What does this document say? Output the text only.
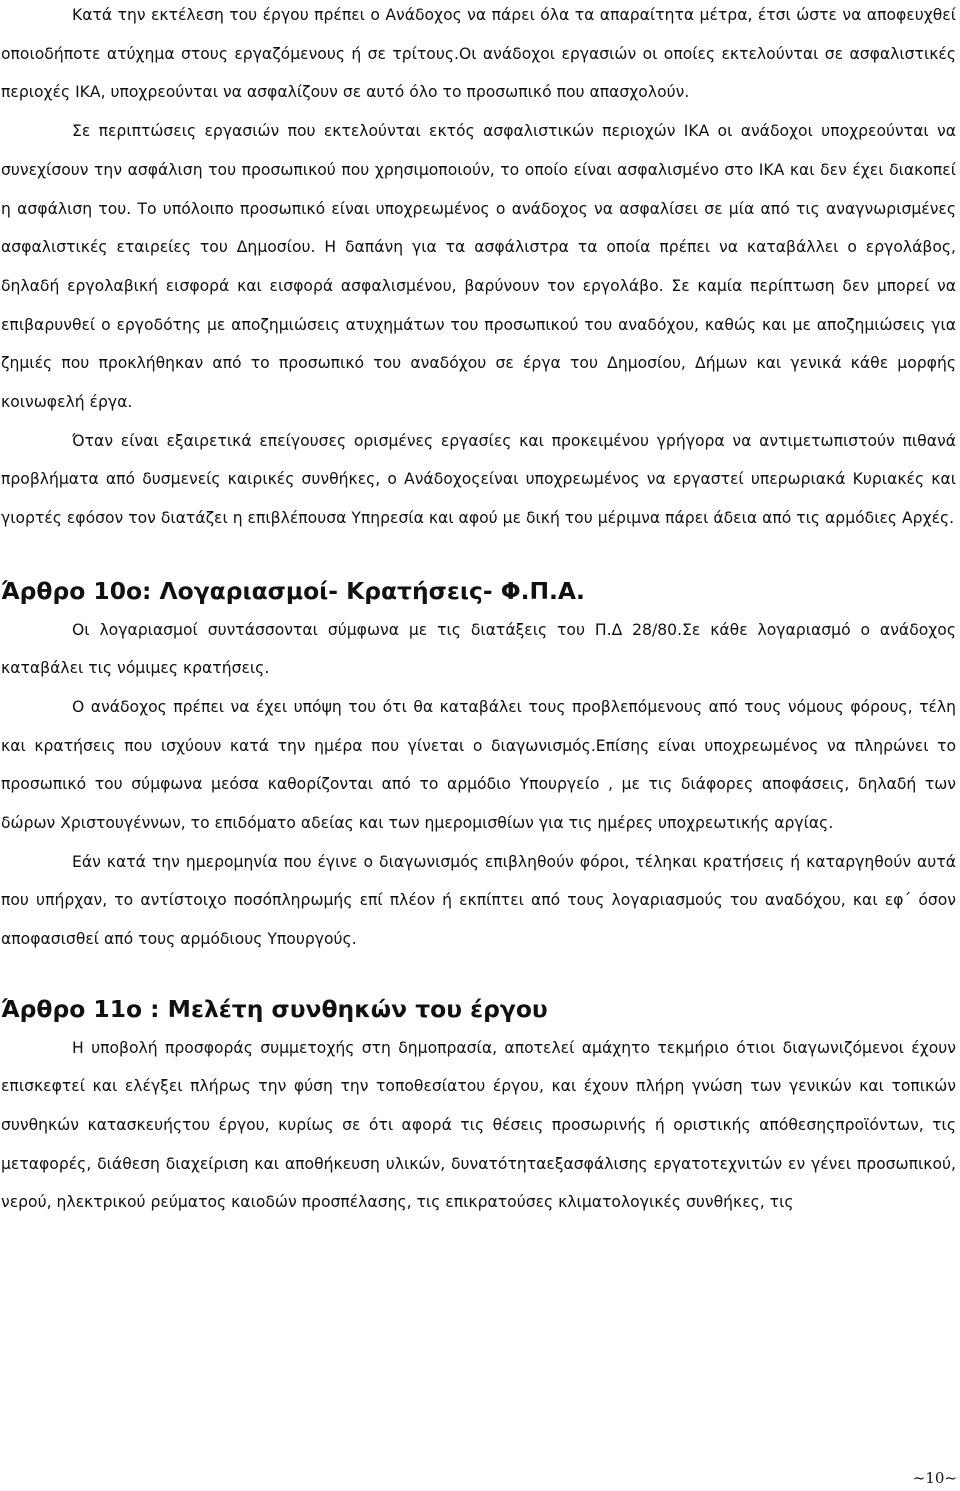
Κατά την εκτέλεση του έργου πρέπει ο Ανάδοχος να πάρει όλα τα απαραίτητα μέτρα, έτσι ώστε να αποφευχθεί οποιοδήποτε ατύχημα στους εργαζόμενους ή σε τρίτους.Οι ανάδοχοι εργασιών οι οποίες εκτελούνται σε ασφαλιστικές περιοχές ΙΚΑ, υποχρεούνται να ασφαλίζουν σε αυτό όλο το προσωπικό που απασχολούν.

Σε περιπτώσεις εργασιών που εκτελούνται εκτός ασφαλιστικών περιοχών ΙΚΑ οι ανάδοχοι υποχρεούνται να συνεχίσουν την ασφάλιση του προσωπικού που χρησιμοποιούν, το οποίο είναι ασφαλισμένο στο ΙΚΑ και δεν έχει διακοπεί η ασφάλιση του. Το υπόλοιπο προσωπικό είναι υποχρεωμένος ο ανάδοχος να ασφαλίσει σε μία από τις αναγνωρισμένες ασφαλιστικές εταιρείες του Δημοσίου. Η δαπάνη για τα ασφάλιστρα τα οποία πρέπει να καταβάλλει ο εργολάβος, δηλαδή εργολαβική εισφορά και εισφορά ασφαλισμένου, βαρύνουν τον εργολάβο. Σε καμία περίπτωση δεν μπορεί να επιβαρυνθεί ο εργοδότης με αποζημιώσεις ατυχημάτων του προσωπικού του αναδόχου, καθώς και με αποζημιώσεις για ζημιές που προκλήθηκαν από το προσωπικό του αναδόχου σε έργα του Δημοσίου, Δήμων και γενικά κάθε μορφής κοινωφελή έργα.

Όταν είναι εξαιρετικά επείγουσες ορισμένες εργασίες και προκειμένου γρήγορα να αντιμετωπιστούν πιθανά προβλήματα από δυσμενείς καιρικές συνθήκες, ο Ανάδοχοςείναι υποχρεωμένος να εργαστεί υπερωριακά Κυριακές και γιορτές εφόσον τον διατάζει η επιβλέπουσα Υπηρεσία και αφού με δική του μέριμνα πάρει άδεια από τις αρμόδιες Αρχές.

Άρθρο 10ο: Λογαριασμοί- Κρατήσεις- Φ.Π.Α.

Οι λογαριασμοί συντάσσονται σύμφωνα με τις διατάξεις του Π.Δ 28/80.Σε κάθε λογαριασμό ο ανάδοχος καταβάλει τις νόμιμες κρατήσεις.

Ο ανάδοχος πρέπει να έχει υπόψη του ότι θα καταβάλει τους προβλεπόμενους από τους νόμους φόρους, τέλη και κρατήσεις που ισχύουν κατά την ημέρα που γίνεται ο διαγωνισμός.Επίσης είναι υποχρεωμένος να πληρώνει το προσωπικό του σύμφωνα μεόσα καθορίζονται από το αρμόδιο Υπουργείο , με τις διάφορες αποφάσεις, δηλαδή των δώρων Χριστουγέννων, το επιδόματο αδείας και των ημερομισθίων για τις ημέρες υποχρεωτικής αργίας.

Εάν κατά την ημερομηνία που έγινε ο διαγωνισμός επιβλ‍ηθούν φόροι, τέληκαι κρατήσεις ή καταργηθούν αυτά που υπήρχαν, το αντίστοιχο ποσόπληρωμής επί πλέον ή εκπίπτει από τους λογαριασμούς του αναδόχου, και εφ΄ όσον αποφασισθεί από τους αρμόδιους Υπουργούς.

Άρθρο 11ο : Μελέτη συνθηκών του έργου

Η υποβολή προσφοράς συμμετοχής στη δημοπρασία, αποτελεί αμάχητο τεκμήριο ότιοι διαγωνιζόμενοι έχουν επισκεφτεί και ελέγξει πλήρως την φύση την τοποθεσίατου έργου, και έχουν πλήρη γνώση των γενικών και τοπικών συνθηκών κατασκευήςτου έργου, κυρίως σε ότι αφορά τις θέσεις προσωρινής ή οριστικής απόθεσηςπροϊόντων, τις μεταφορές, διάθεση διαχείριση και αποθήκευση υλικών, δυνατότηταεξασφάλισης εργατοτεχνιτών εν γένει προσωπικού, νερού, ηλεκτρικού ρεύματος καιοδών προσπέλασης, τις επικρατούσες κλιματολογικές συνθήκες, τις

~10~
